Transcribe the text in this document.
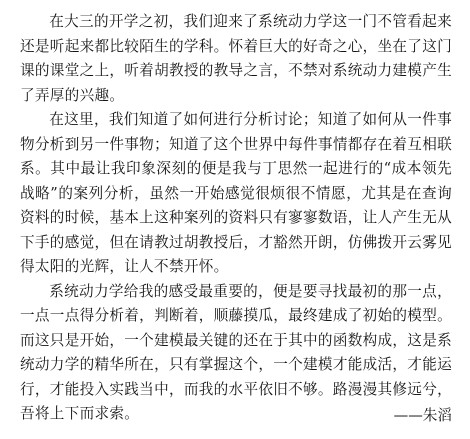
在大三的开学之初，我们迎来了系统动力学这一门不管看起来还是听起来都比较陌生的学科。怀着巨大的好奇之心，坐在了这门课的课堂之上，听着胡教授的教导之言，不禁对系统动力建模产生了弄厚的兴趣。

在这里，我们知道了如何进行分析讨论；知道了如何从一件事物分析到另一件事物；知道了这个世界中每件事情都存在着互相联系。其中最让我印象深刻的便是我与丁思然一起进行的“成本领先战略”的案列分析，虽然一开始感觉很烦很不情愿，尤其是在查询资料的时候，基本上这种案列的资料只有寥寥数语，让人产生无从下手的感觉，但在请教过胡教授后，才豁然开朗，仿佛拨开云雾见得太阳的光辉，让人不禁开怀。

系统动力学给我的感受最重要的，便是要寻找最初的那一点，一点一点得分析着，判断着，顺藤摸瓜，最终建成了初始的模型。而这只是开始，一个建模最关键的还在于其中的函数构成，这是系统动力学的精华所在，只有掌握这个，一个建模才能成活，才能运行，才能投入实践当中，而我的水平依旧不够。路漫漫其修远兮，吾将上下而求索。	——朱滔
